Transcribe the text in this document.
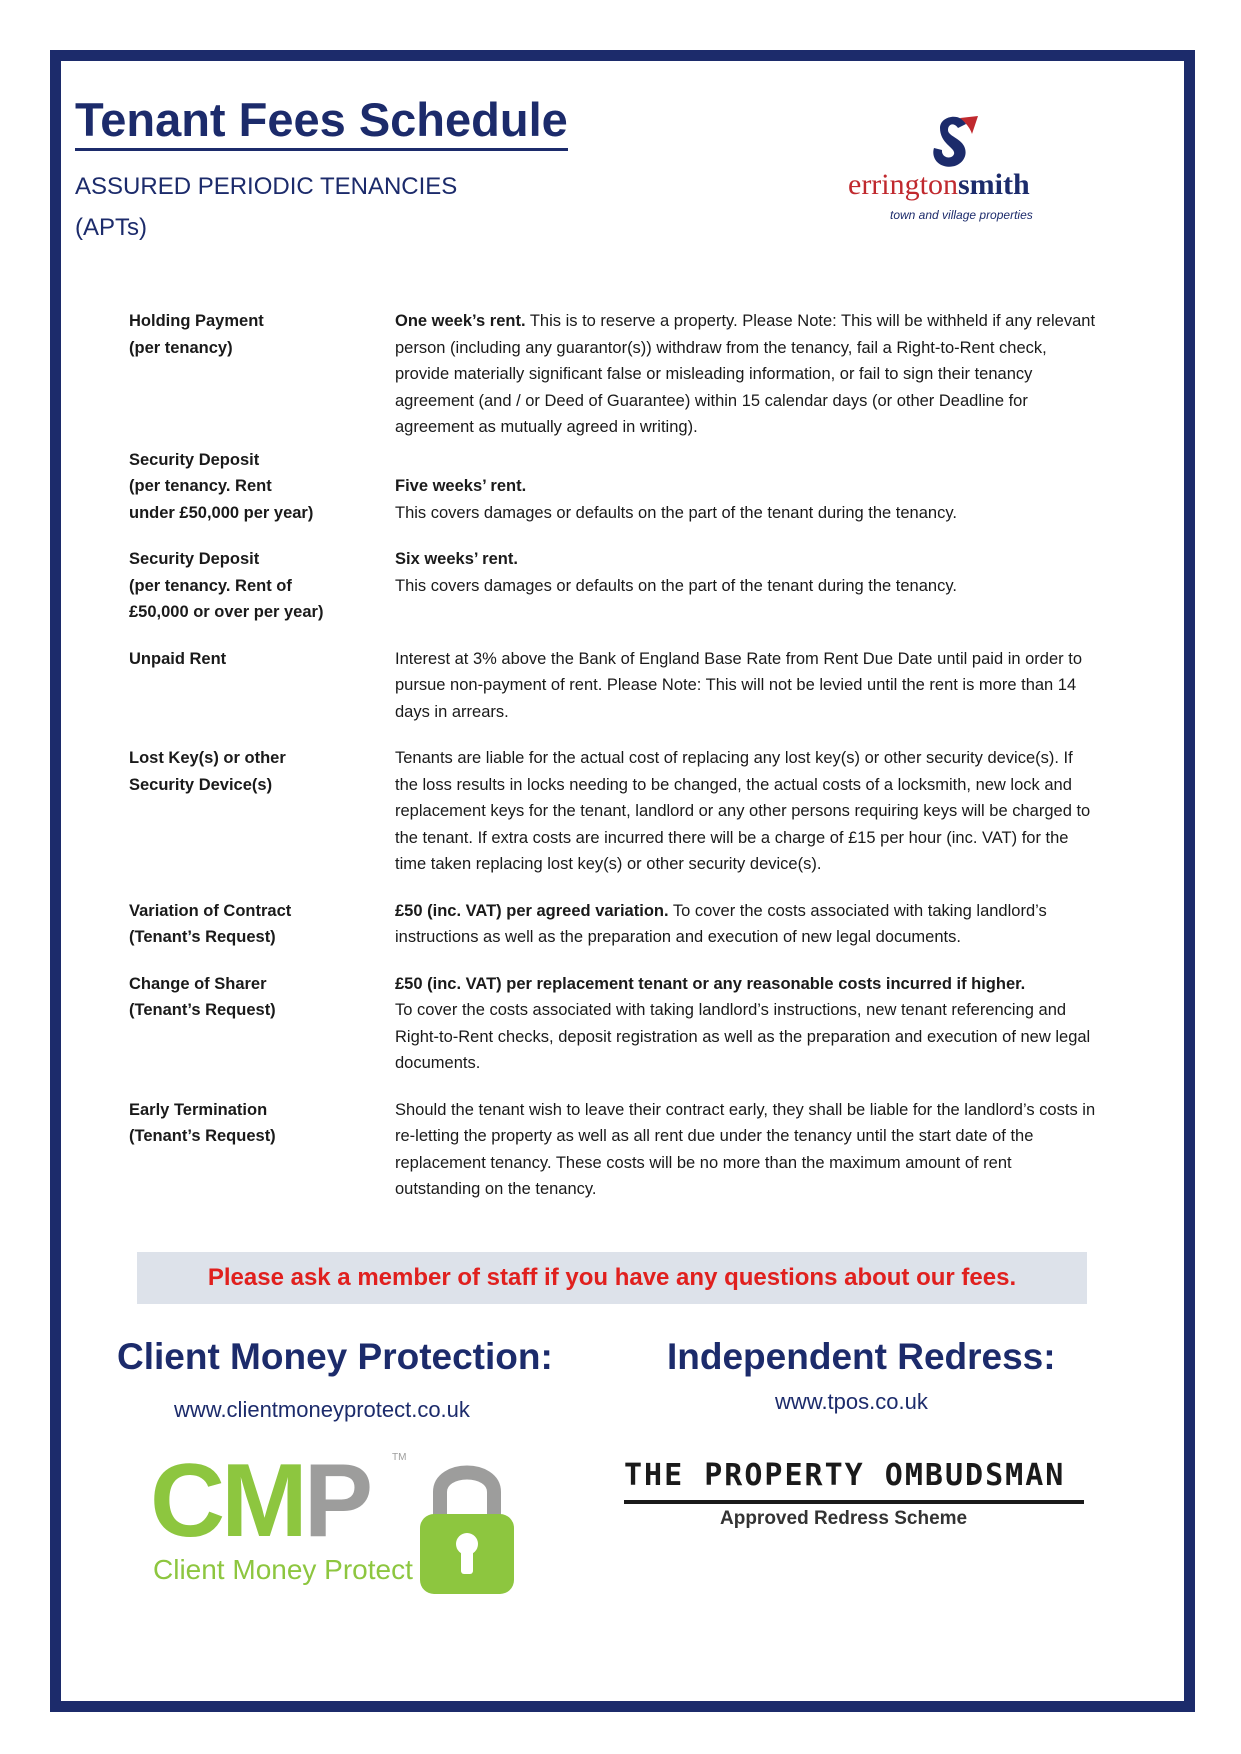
Tenant Fees Schedule
ASSURED PERIODIC TENANCIES
(APTs)
erringtonsmith
town and village properties
Holding Payment
(per tenancy)
One week’s rent. This is to reserve a property. Please Note: This will be withheld if any relevant person (including any guarantor(s)) withdraw from the tenancy, fail a Right-to-Rent check, provide materially significant false or misleading information, or fail to sign their tenancy agreement (and / or Deed of Guarantee) within 15 calendar days (or other Deadline for agreement as mutually agreed in writing).
Security Deposit
(per tenancy. Rent
under £50,000 per year)
Five weeks’ rent.
This covers damages or defaults on the part of the tenant during the tenancy.
Security Deposit
(per tenancy. Rent of
£50,000 or over per year)
Six weeks’ rent.
This covers damages or defaults on the part of the tenant during the tenancy.
Unpaid Rent	Interest at 3% above the Bank of England Base Rate from Rent Due Date until paid in order to pursue non-payment of rent. Please Note: This will not be levied until the rent is more than 14 days in arrears.
Lost Key(s) or other
Security Device(s)
Tenants are liable for the actual cost of replacing any lost key(s) or other security device(s). If the loss results in locks needing to be changed, the actual costs of a locksmith, new lock and replacement keys for the tenant, landlord or any other persons requiring keys will be charged to the tenant. If extra costs are incurred there will be a charge of £15 per hour (inc. VAT) for the time taken replacing lost key(s) or other security device(s).
Variation of Contract
(Tenant’s Request)
£50 (inc. VAT) per agreed variation. To cover the costs associated with taking landlord’s instructions as well as the preparation and execution of new legal documents.
Change of Sharer
(Tenant’s Request)
£50 (inc. VAT) per replacement tenant or any reasonable costs incurred if higher.
To cover the costs associated with taking landlord’s instructions, new tenant referencing and Right-to-Rent checks, deposit registration as well as the preparation and execution of new legal documents.
Early Termination
(Tenant’s Request)
Should the tenant wish to leave their contract early, they shall be liable for the landlord’s costs in re-letting the property as well as all rent due under the tenancy until the start date of the replacement tenancy. These costs will be no more than the maximum amount of rent outstanding on the tenancy.
Please ask a member of staff if you have any questions about our fees.
Client Money Protection:
www.clientmoneyprotect.co.uk
Independent Redress:
www.tpos.co.uk
CMP TM
Client Money Protect
THE PROPERTY OMBUDSMAN
Approved Redress Scheme
